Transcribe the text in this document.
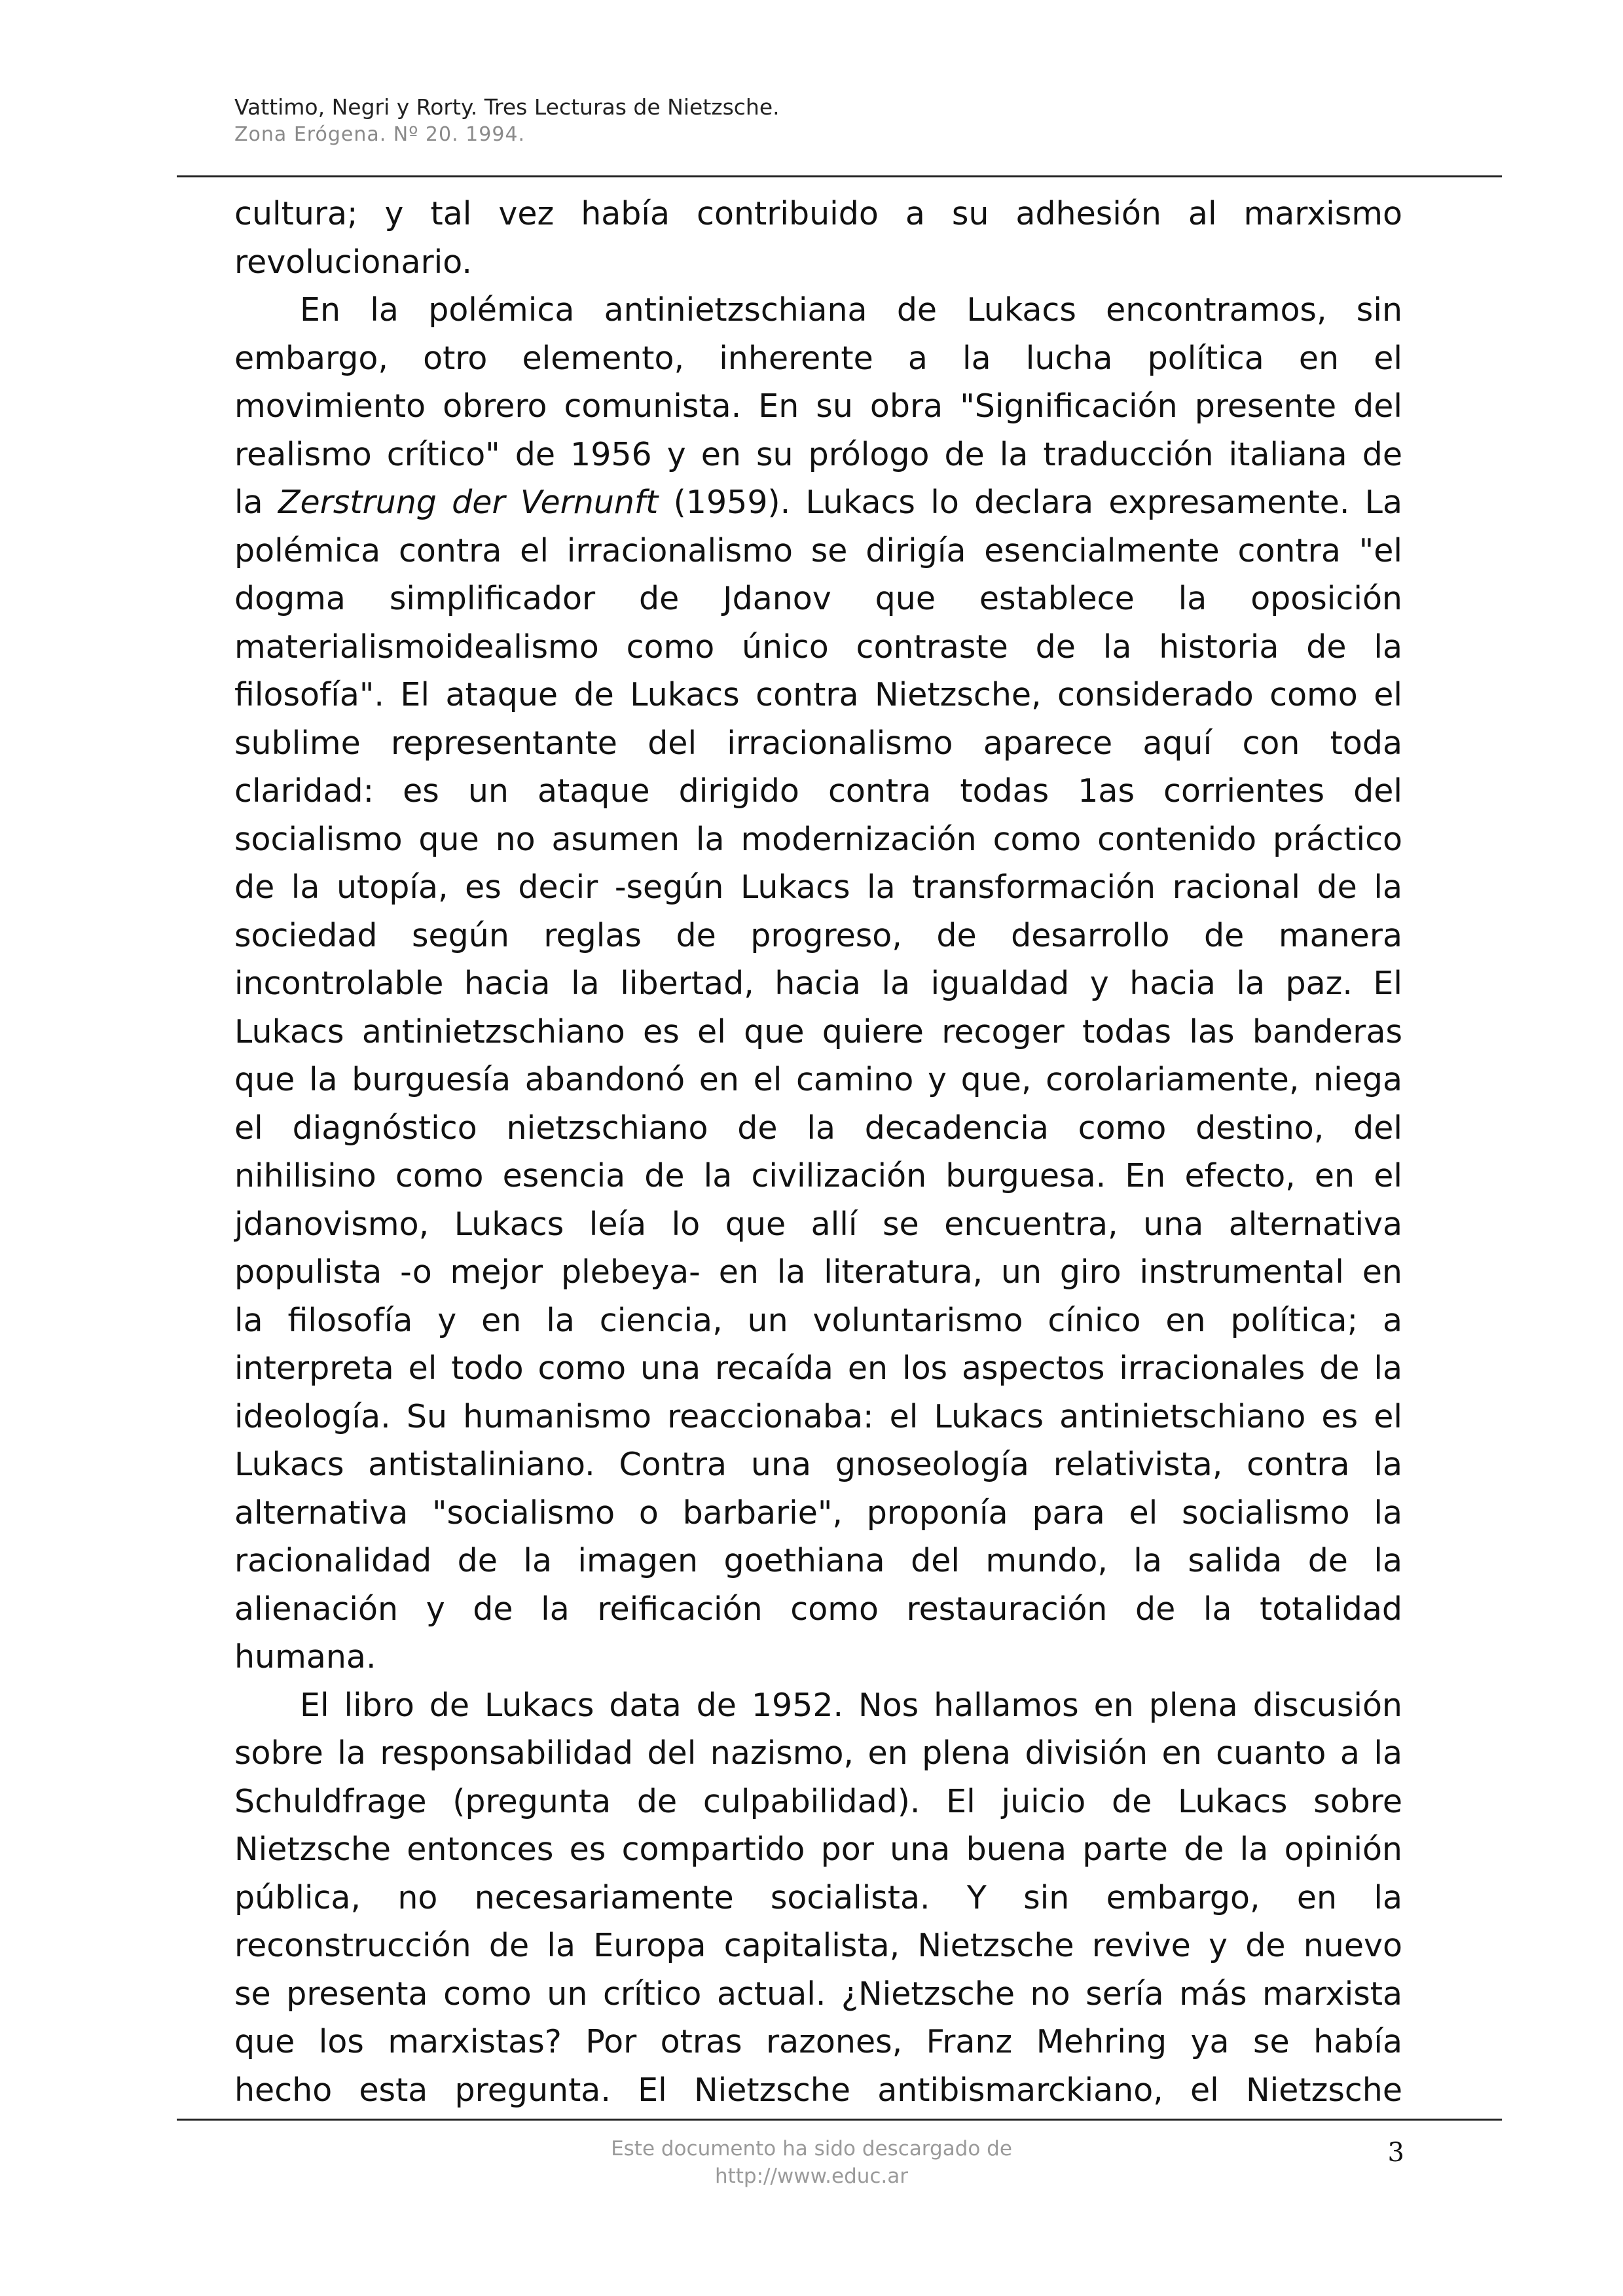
Vattimo, Negri y Rorty. Tres Lecturas de Nietzsche.
Zona Erógena. Nº 20. 1994.
cultura; y tal vez había contribuido a su adhesión al marxismo
revolucionario.
En la polémica antinietzschiana de Lukacs encontramos, sin
embargo, otro elemento, inherente a la lucha política en el
movimiento obrero comunista. En su obra "Significación presente del
realismo crítico" de 1956 y en su prólogo de la traducción italiana de
la Zerstrung der Vernunft (1959). Lukacs lo declara expresamente. La
polémica contra el irracionalismo se dirigía esencialmente contra "el
dogma simplificador de Jdanov que establece la oposición
materialismoidealismo como único contraste de la historia de la
filosofía". El ataque de Lukacs contra Nietzsche, considerado como el
sublime representante del irracionalismo aparece aquí con toda
claridad: es un ataque dirigido contra todas 1as corrientes del
socialismo que no asumen la modernización como contenido práctico
de la utopía, es decir -según Lukacs la transformación racional de la
sociedad según reglas de progreso, de desarrollo de manera
incontrolable hacia la libertad, hacia la igualdad y hacia la paz. El
Lukacs antinietzschiano es el que quiere recoger todas las banderas
que la burguesía abandonó en el camino y que, corolariamente, niega
el diagnóstico nietzschiano de la decadencia como destino, del
nihilisino como esencia de la civilización burguesa. En efecto, en el
jdanovismo, Lukacs leía lo que allí se encuentra, una alternativa
populista -o mejor plebeya- en la literatura, un giro instrumental en
la filosofía y en la ciencia, un voluntarismo cínico en política; a
interpreta el todo como una recaída en los aspectos irracionales de la
ideología. Su humanismo reaccionaba: el Lukacs antinietschiano es el
Lukacs antistaliniano. Contra una gnoseología relativista, contra la
alternativa "socialismo o barbarie", proponía para el socialismo la
racionalidad de la imagen goethiana del mundo, la salida de la
alienación y de la reificación como restauración de la totalidad
humana.
El libro de Lukacs data de 1952. Nos hallamos en plena discusión
sobre la responsabilidad del nazismo, en plena división en cuanto a la
Schuldfrage (pregunta de culpabilidad). El juicio de Lukacs sobre
Nietzsche entonces es compartido por una buena parte de la opinión
pública, no necesariamente socialista. Y sin embargo, en la
reconstrucción de la Europa capitalista, Nietzsche revive y de nuevo
se presenta como un crítico actual. ¿Nietzsche no sería más marxista
que los marxistas? Por otras razones, Franz Mehring ya se había
hecho esta pregunta. El Nietzsche antibismarckiano, el Nietzsche
Este documento ha sido descargado de
http://www.educ.ar
3
